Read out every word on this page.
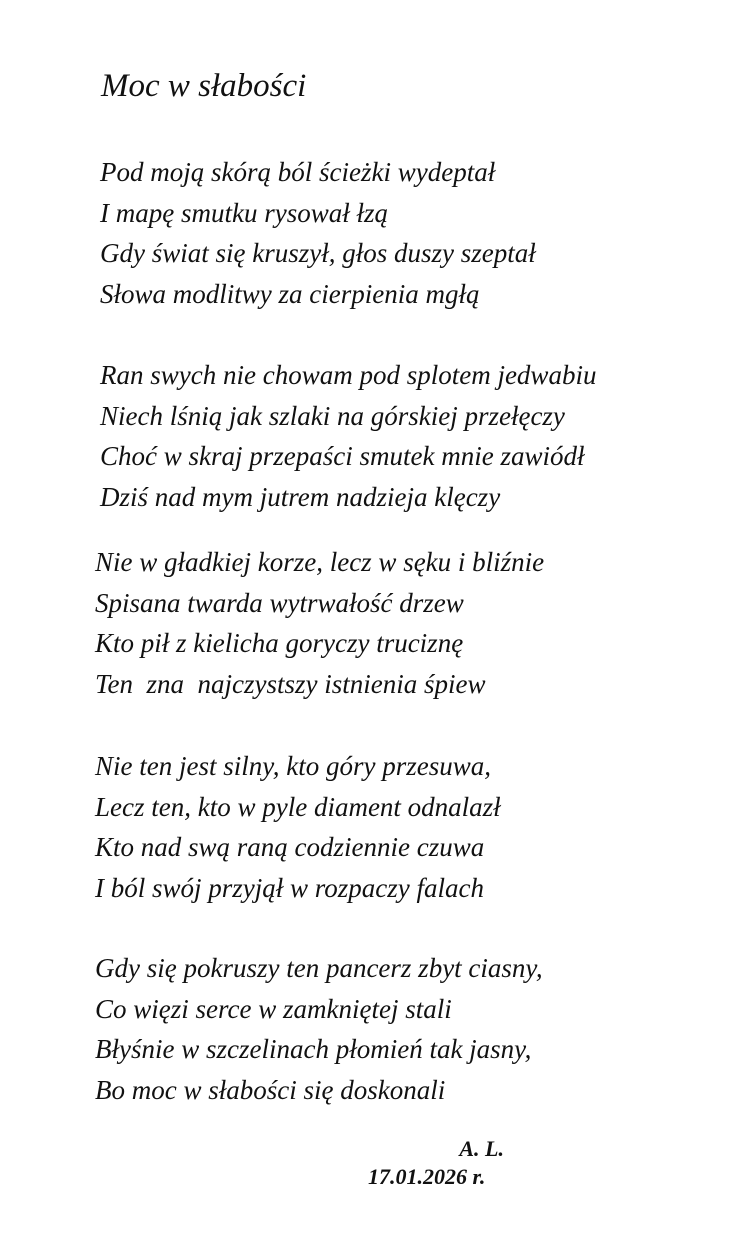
Moc w słabości
Pod moją skórą ból ścieżki wydeptał
I mapę smutku rysował łzą
Gdy świat się kruszył, głos duszy szeptał
Słowa modlitwy za cierpienia mgłą
Ran swych nie chowam pod splotem jedwabiu
Niech lśnią jak szlaki na górskiej przełęczy
Choć w skraj przepaści smutek mnie zawiódł
Dziś nad mym jutrem nadzieja klęczy
Nie w gładkiej korze, lecz w sęku i bliźnie
Spisana twarda wytrwałość drzew
Kto pił z kielicha goryczy truciznę
Ten  zna  najczystszy istnienia śpiew
Nie ten jest silny, kto góry przesuwa,
Lecz ten, kto w pyle diament odnalazł
Kto nad swą raną codziennie czuwa
I ból swój przyjął w rozpaczy falach
Gdy się pokruszy ten pancerz zbyt ciasny,
Co więzi serce w zamkniętej stali
Błyśnie w szczelinach płomień tak jasny,
Bo moc w słabości się doskonali
A. L.
17.01.2026 r.
